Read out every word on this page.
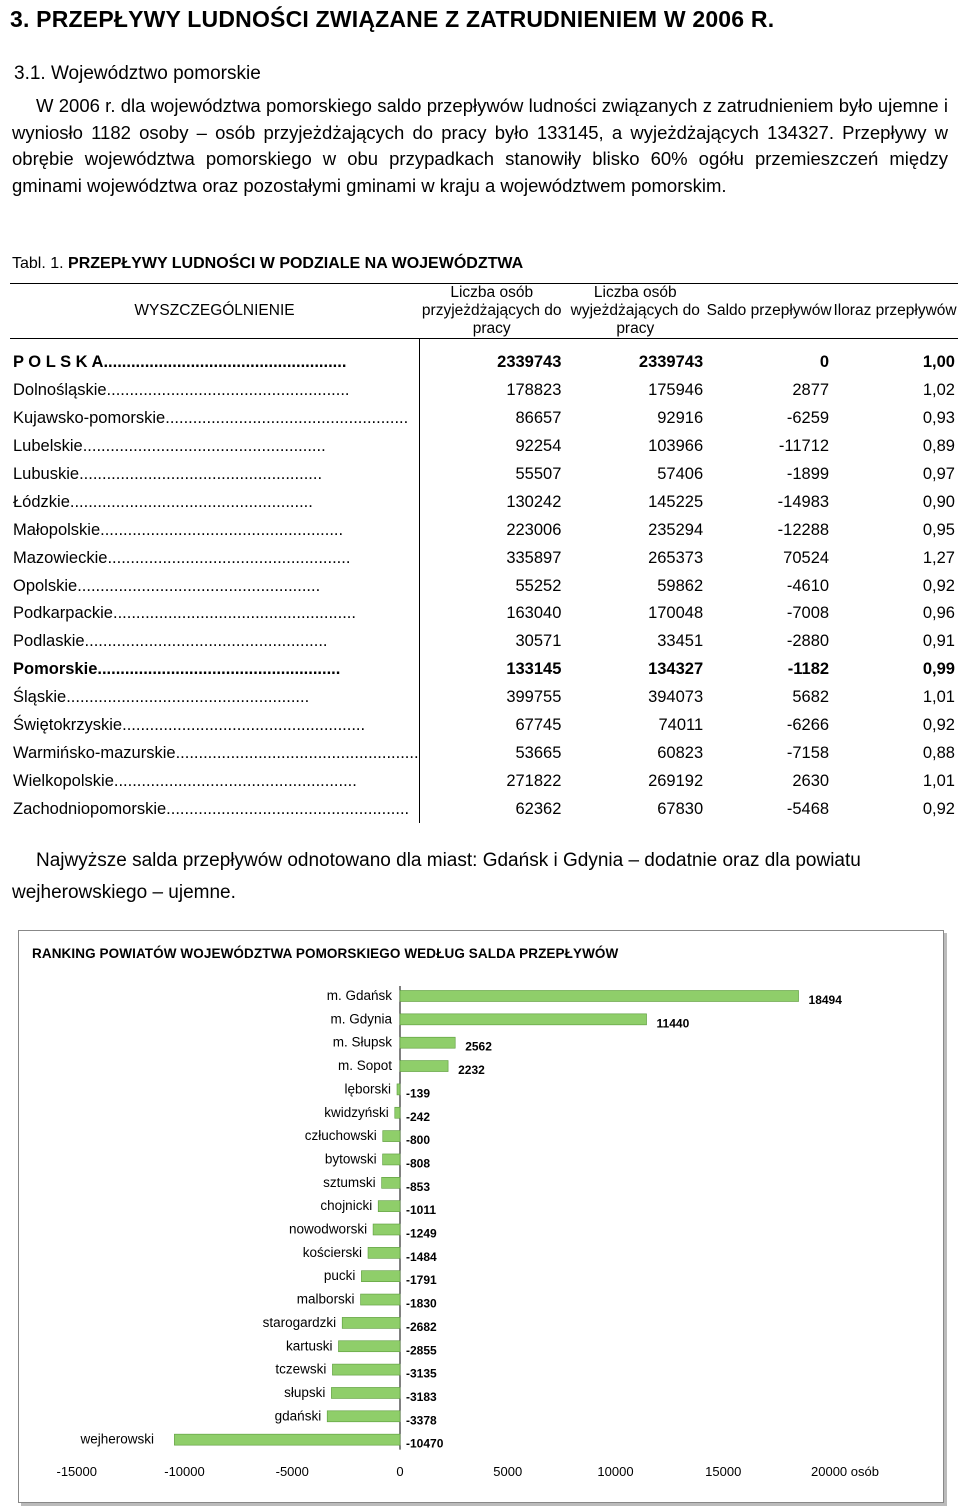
3. PRZEPŁYWY LUDNOŚCI ZWIĄZANE Z ZATRUDNIENIEM W 2006 R.
3.1. Województwo pomorskie

W 2006 r. dla województwa pomorskiego saldo przepływów ludności związanych z zatrudnieniem było ujemne i wyniosło 1182 osoby – osób przyjeżdżających do pracy było 133145, a wyjeżdżających 134327. Przepływy w obrębie województwa pomorskiego w obu przypadkach stanowiły blisko 60% ogółu przemieszczeń między gminami województwa oraz pozostałymi gminami w kraju a województwem pomorskim.

Tabl. 1. PRZEPŁYWY LUDNOŚCI W PODZIALE NA WOJEWÓDZTWA
WYSZCZEGÓLNIENIE	Liczba osób przyjeżdżających do pracy	Liczba osób wyjeżdżających do pracy	Saldo przepływów	Iloraz przepływów

P O L S K A .....	2339743	2339743	0	1,00
Dolnośląskie .....	178823	175946	2877	1,02
Kujawsko-pomorskie .....	86657	92916	-6259	0,93
Lubelskie .....	92254	103966	-11712	0,89
Lubuskie .....	55507	57406	-1899	0,97
Łódzkie .....	130242	145225	-14983	0,90
Małopolskie .....	223006	235294	-12288	0,95
Mazowieckie .....	335897	265373	70524	1,27
Opolskie .....	55252	59862	-4610	0,92
Podkarpackie .....	163040	170048	-7008	0,96
Podlaskie .....	30571	33451	-2880	0,91
Pomorskie .....	133145	134327	-1182	0,99
Śląskie .....	399755	394073	5682	1,01
Świętokrzyskie .....	67745	74011	-6266	0,92
Warmińsko-mazurskie .....	53665	60823	-7158	0,88
Wielkopolskie .....	271822	269192	2630	1,01
Zachodniopomorskie .....	62362	67830	-5468	0,92

Najwyższe salda przepływów odnotowano dla miast: Gdańsk i Gdynia – dodatnie oraz dla powiatu wejherowskiego – ujemne.

RANKING POWIATÓW WOJEWÓDZTWA POMORSKIEGO WEDŁUG SALDA PRZEPŁYWÓW
m. Gdańsk	18494
m. Gdynia	11440
m. Słupsk	2562
m. Sopot	2232
lęborski -139
kwidzyński -242
człuchowski -800
bytowski -808
sztumski	-853
chojnicki	-1011
nowodworski	-1249
kościerski	-1484
pucki	-1791
malborski	-1830
starogardzki	-2682
kartuski	-2855
tczewski	-3135
słupski	-3183
gdański	-3378
wejherowski	-10470
-15000	-10000	-5000	0	5000	10000	15000	20000 osób
